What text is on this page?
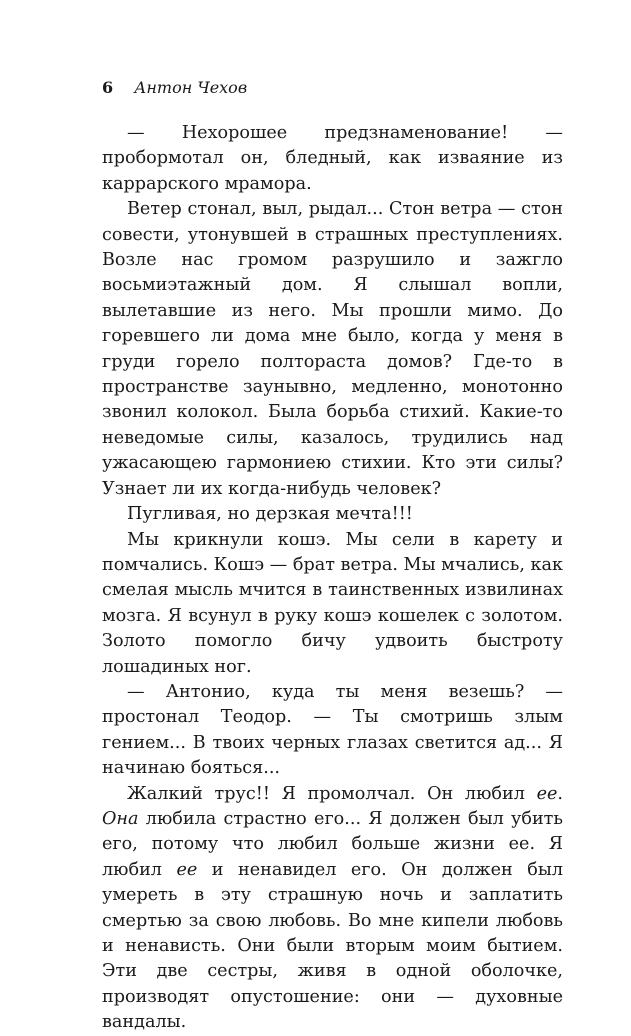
6 Антон Чехов

— Нехорошее предзнаменование! — пробормотал он, бледный, как изваяние из каррарского мрамора.

Ветер стонал, выл, рыдал... Стон ветра — стон совести, утонувшей в страшных преступлениях. Возле нас громом разрушило и зажгло восьмиэтажный дом. Я слышал вопли, вылетавшие из него. Мы прошли мимо. До горевшего ли дома мне было, когда у меня в груди горело полтораста домов? Где-то в пространстве заунывно, медленно, монотонно звонил колокол. Была борьба стихий. Какие-то неведомые силы, казалось, трудились над ужасающею гармониею стихии. Кто эти силы? Узнает ли их когда-нибудь человек?

Пугливая, но дерзкая мечта!!!

Мы крикнули кошэ. Мы сели в карету и помчались. Кошэ — брат ветра. Мы мчались, как смелая мысль мчится в таинственных извилинах мозга. Я всунул в руку кошэ кошелек с золотом. Золото помогло бичу удвоить быстроту лошадиных ног.

— Антонио, куда ты меня везешь? — простонал Теодор. — Ты смотришь злым гением... В твоих черных глазах светится ад... Я начинаю бояться...

Жалкий трус!! Я промолчал. Он любил ее. Она любила страстно его... Я должен был убить его, потому что любил больше жизни ее. Я любил ее и ненавидел его. Он должен был умереть в эту страшную ночь и заплатить смертью за свою любовь. Во мне кипели любовь и ненависть. Они были вторым моим бытием. Эти две сестры, живя в одной оболочке, производят опустошение: они — духовные вандалы.
